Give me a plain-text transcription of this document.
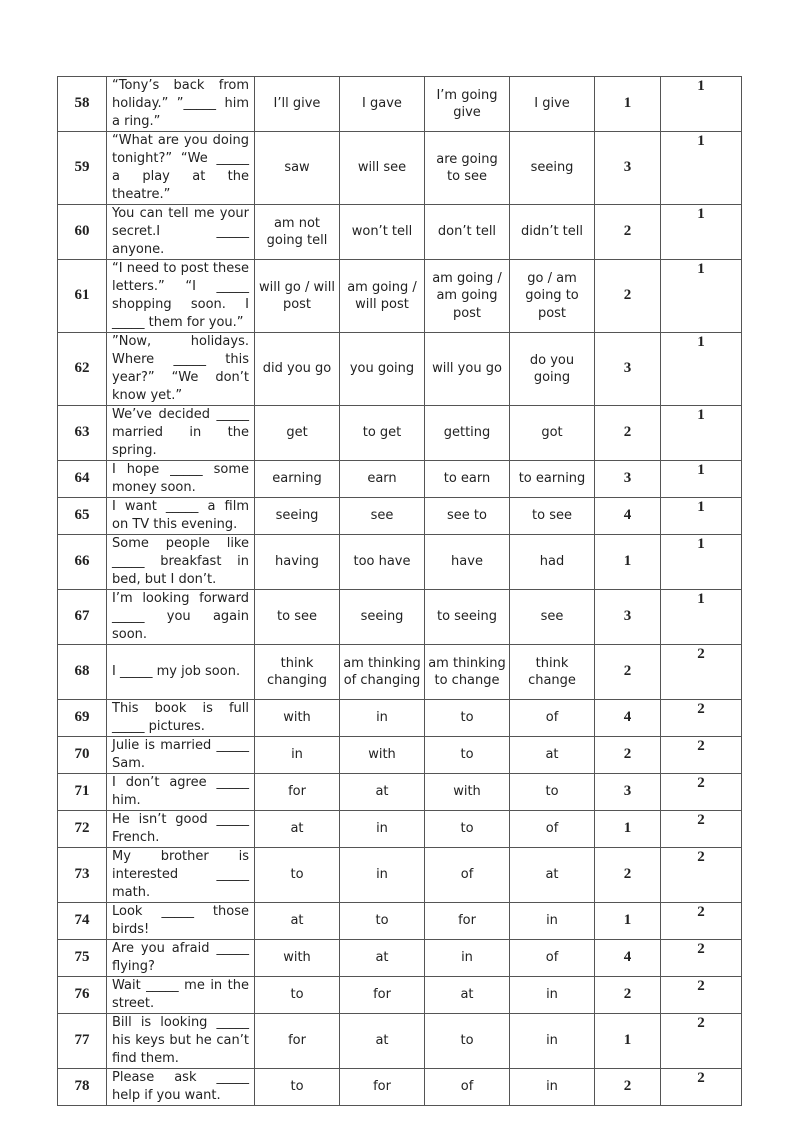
58	“Tony’s back from holiday.” ”_____ him a ring.”	I’ll give	I gave	I’m going give	I give	1	1
59	“What are you doing tonight?” “We _____ a play at the theatre.”	saw	will see	are going to see	seeing	3	1
60	You can tell me your secret.I _____ anyone.	am not going tell	won’t tell	don’t tell	didn’t tell	2	1
61	“I need to post these letters.” “I _____ shopping soon. I _____ them for you.”	will go / will post	am going / will post	am going / am going post	go / am going to post	2	1
62	”Now, holidays. Where _____ this year?” “We don’t know yet.”	did you go	you going	will you go	do you going	3	1
63	We’ve decided _____ married in the spring.	get	to get	getting	got	2	1
64	I hope _____ some money soon.	earning	earn	to earn	to earning	3	1
65	I want _____ a film on TV this evening.	seeing	see	see to	to see	4	1
66	Some people like _____ breakfast in bed, but I don’t.	having	too have	have	had	1	1
67	I’m looking forward _____ you again soon.	to see	seeing	to seeing	see	3	1
68	I _____ my job soon.	think changing	am thinking of changing	am thinking to change	think change	2	2
69	This book is full _____ pictures.	with	in	to	of	4	2
70	Julie is married _____ Sam.	in	with	to	at	2	2
71	I don’t agree _____ him.	for	at	with	to	3	2
72	He isn’t good _____ French.	at	in	to	of	1	2
73	My brother is interested _____ math.	to	in	of	at	2	2
74	Look _____ those birds!	at	to	for	in	1	2
75	Are you afraid _____ flying?	with	at	in	of	4	2
76	Wait _____ me in the street.	to	for	at	in	2	2
77	Bill is looking _____ his keys but he can’t find them.	for	at	to	in	1	2
78	Please ask _____ help if you want.	to	for	of	in	2	2
